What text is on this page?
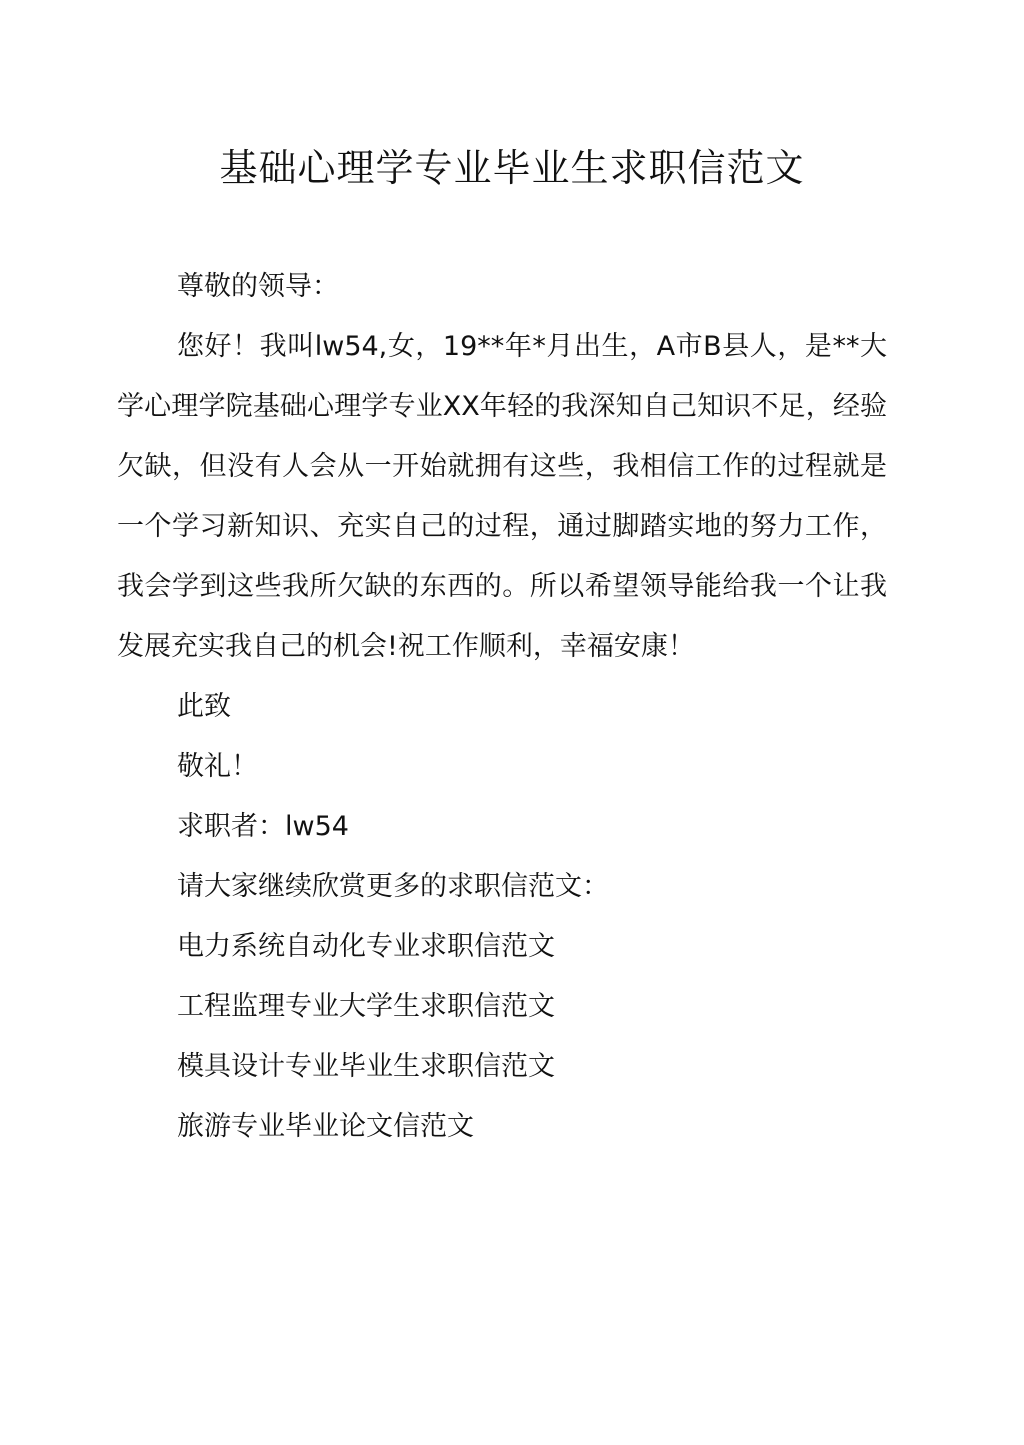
基础心理学专业毕业生求职信范文
尊敬的领导：

您好！我叫lw54,女，19**年*月出生，A市B县人，是**大学心理学院基础心理学专业XX年轻的我深知自己知识不足，经验欠缺，但没有人会从一开始就拥有这些，我相信工作的过程就是一个学习新知识、充实自己的过程，通过脚踏实地的努力工作，我会学到这些我所欠缺的东西的。所以希望领导能给我一个让我发展充实我自己的机会!祝工作顺利，幸福安康！

此致
敬礼！
求职者：lw54
请大家继续欣赏更多的求职信范文：
电力系统自动化专业求职信范文
工程监理专业大学生求职信范文
模具设计专业毕业生求职信范文
旅游专业毕业论文信范文
